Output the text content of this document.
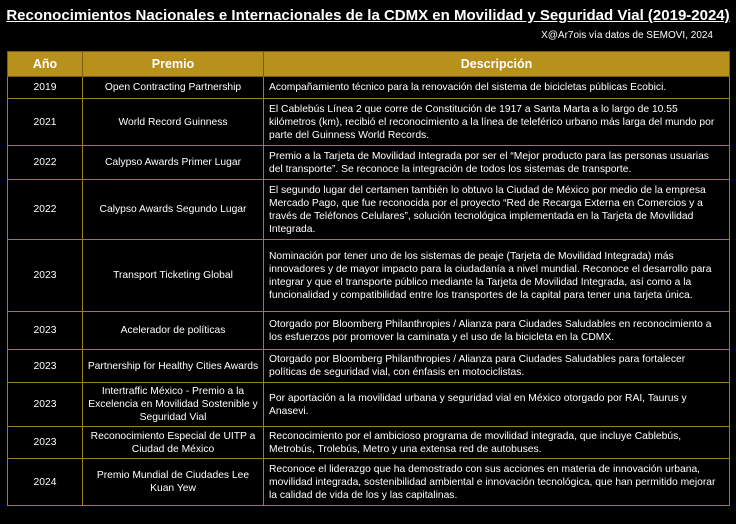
Reconocimientos Nacionales e Internacionales de la CDMX en Movilidad y Seguridad Vial (2019-2024)
X@Ar7ois vía datos de SEMOVI, 2024
Año	Premio	Descripción
2019	Open Contracting Partnership	Acompañamiento técnico para la renovación del sistema de bicicletas públicas Ecobici.
2021	World Record Guinness	El Cablebús Línea 2 que corre de Constitución de 1917 a Santa Marta a lo largo de 10.55 kilómetros (km), recibió el reconocimiento a la línea de teleférico urbano más larga del mundo por parte del Guinness World Records.
2022	Calypso Awards Primer Lugar	Premio a la Tarjeta de Movilidad Integrada por ser el “Mejor producto para las personas usuarias del transporte”. Se reconoce la integración de todos los sistemas de transporte.
2022	Calypso Awards Segundo Lugar	El segundo lugar del certamen también lo obtuvo la Ciudad de México por medio de la empresa Mercado Pago, que fue reconocida por el proyecto “Red de Recarga Externa en Comercios y a través de Teléfonos Celulares”, solución tecnológica implementada en la Tarjeta de Movilidad Integrada.
2023	Transport Ticketing Global	Nominación por tener uno de los sistemas de peaje (Tarjeta de Movilidad Integrada) más innovadores y de mayor impacto para la ciudadanía a nivel mundial. Reconoce el desarrollo para integrar y que el transporte público mediante la Tarjeta de Movilidad Integrada, así como a la funcionalidad y compatibilidad entre los transportes de la capital para tener una tarjeta única.
2023	Acelerador de políticas	Otorgado por Bloomberg Philanthropies / Alianza para Ciudades Saludables en reconocimiento a los esfuerzos por promover la caminata y el uso de la bicicleta en la CDMX.
2023	Partnership for Healthy Cities Awards	Otorgado por Bloomberg Philanthropies / Alianza para Ciudades Saludables para fortalecer políticas de seguridad vial, con énfasis en motociclistas.
2023	Intertraffic México - Premio a la Excelencia en Movilidad Sostenible y Seguridad Vial	Por aportación a la movilidad urbana y seguridad vial en México otorgado por RAI, Taurus y Anasevi.
2023	Reconocimiento Especial de UITP a Ciudad de México	Reconocimiento por el ambicioso programa de movilidad integrada, que incluye Cablebús, Metrobús, Trolebús, Metro y una extensa red de autobuses.
2024	Premio Mundial de Ciudades Lee Kuan Yew	Reconoce el liderazgo que ha demostrado con sus acciones en materia de innovación urbana, movilidad integrada, sostenibilidad ambiental e innovación tecnológica, que han permitido mejorar la calidad de vida de los y las capitalinas.
